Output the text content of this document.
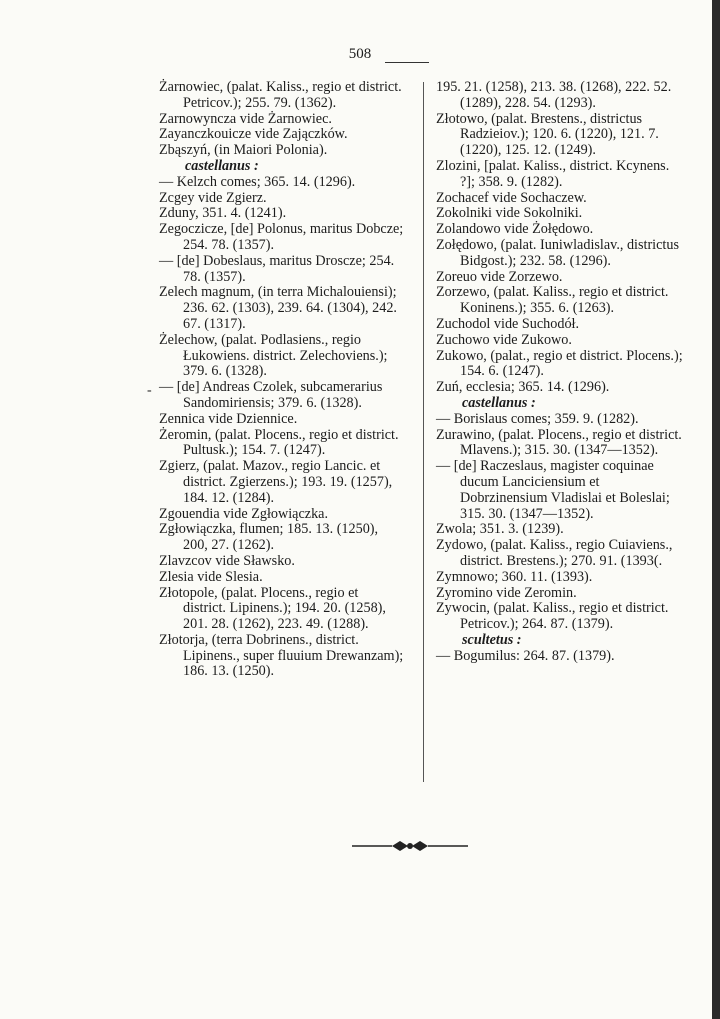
508

Żarnowiec, (palat. Kaliss., regio et district. Petricov.); 255. 79. (1362).

Zarnowyncza vide Żarnowiec.

Zayanczkouicze vide Zajączków.

Zbąszyń, (in Maiori Polonia).

castellanus :

— Kelzch comes; 365. 14. (1296).

Zcgey vide Zgierz.

Zduny, 351. 4. (1241).

Zegoczicze, [de] Polonus, maritus Dobcze; 254. 78. (1357).

— [de] Dobeslaus, maritus Droscze; 254. 78. (1357).

Zelech magnum, (in terra Michalouiensi); 236. 62. (1303), 239. 64. (1304), 242. 67. (1317).

Żelechow, (palat. Podlasiens., regio Łukowiens. district. Zelechoviens.); 379. 6. (1328).

— [de] Andreas Czolek, subcamerarius Sandomiriensis; 379. 6. (1328).

Zennica vide Dziennice.

Żeromin, (palat. Plocens., regio et district. Pultusk.); 154. 7. (1247).

Zgierz, (palat. Mazov., regio Lancic. et district. Zgierzens.); 193. 19. (1257), 184. 12. (1284).

Zgouendia vide Zgłowiączka.

Zgłowiączka, flumen; 185. 13. (1250), 200, 27. (1262).

Zlavzcov vide Sławsko.

Zlesia vide Slesia.

Złotopole, (palat. Plocens., regio et district. Lipinens.); 194. 20. (1258), 201. 28. (1262), 223. 49. (1288).

Złotorja, (terra Dobrinens., district. Lipinens., super fluuium Drewanzam); 186. 13. (1250).

195. 21. (1258), 213. 38. (1268), 222. 52. (1289), 228. 54. (1293).

Złotowo, (palat. Brestens., districtus Radzieiov.); 120. 6. (1220), 121. 7. (1220), 125. 12. (1249).

Zlozini, [palat. Kaliss., district. Kcynens. ?]; 358. 9. (1282).

Zochacef vide Sochaczew.

Zokolniki vide Sokolniki.

Zolandowo vide Żołędowo.

Zołędowo, (palat. Iuniwladislav., districtus Bidgost.); 232. 58. (1296).

Zoreuo vide Zorzewo.

Zorzewo, (palat. Kaliss., regio et district. Koninens.); 355. 6. (1263).

Zuchodol vide Suchodół.

Zuchowo vide Zukowo.

Zukowo, (palat., regio et district. Plocens.); 154. 6. (1247).

Zuń, ecclesia; 365. 14. (1296).

castellanus :

— Borislaus comes; 359. 9. (1282).

Zurawino, (palat. Plocens., regio et district. Mlavens.); 315. 30. (1347—1352).

— [de] Raczeslaus, magister coquinae ducum Lanciciensium et Dobrzinensium Vladislai et Boleslai; 315. 30. (1347—1352).

Zwola; 351. 3. (1239).

Zydowo, (palat. Kaliss., regio Cuiaviens., district. Brestens.); 270. 91. (1393(.

Zymnowo; 360. 11. (1393).

Zyromino vide Zeromin.

Zywocin, (palat. Kaliss., regio et district. Petricov.); 264. 87. (1379).

scultetus :

— Bogumilus: 264. 87. (1379).

-
